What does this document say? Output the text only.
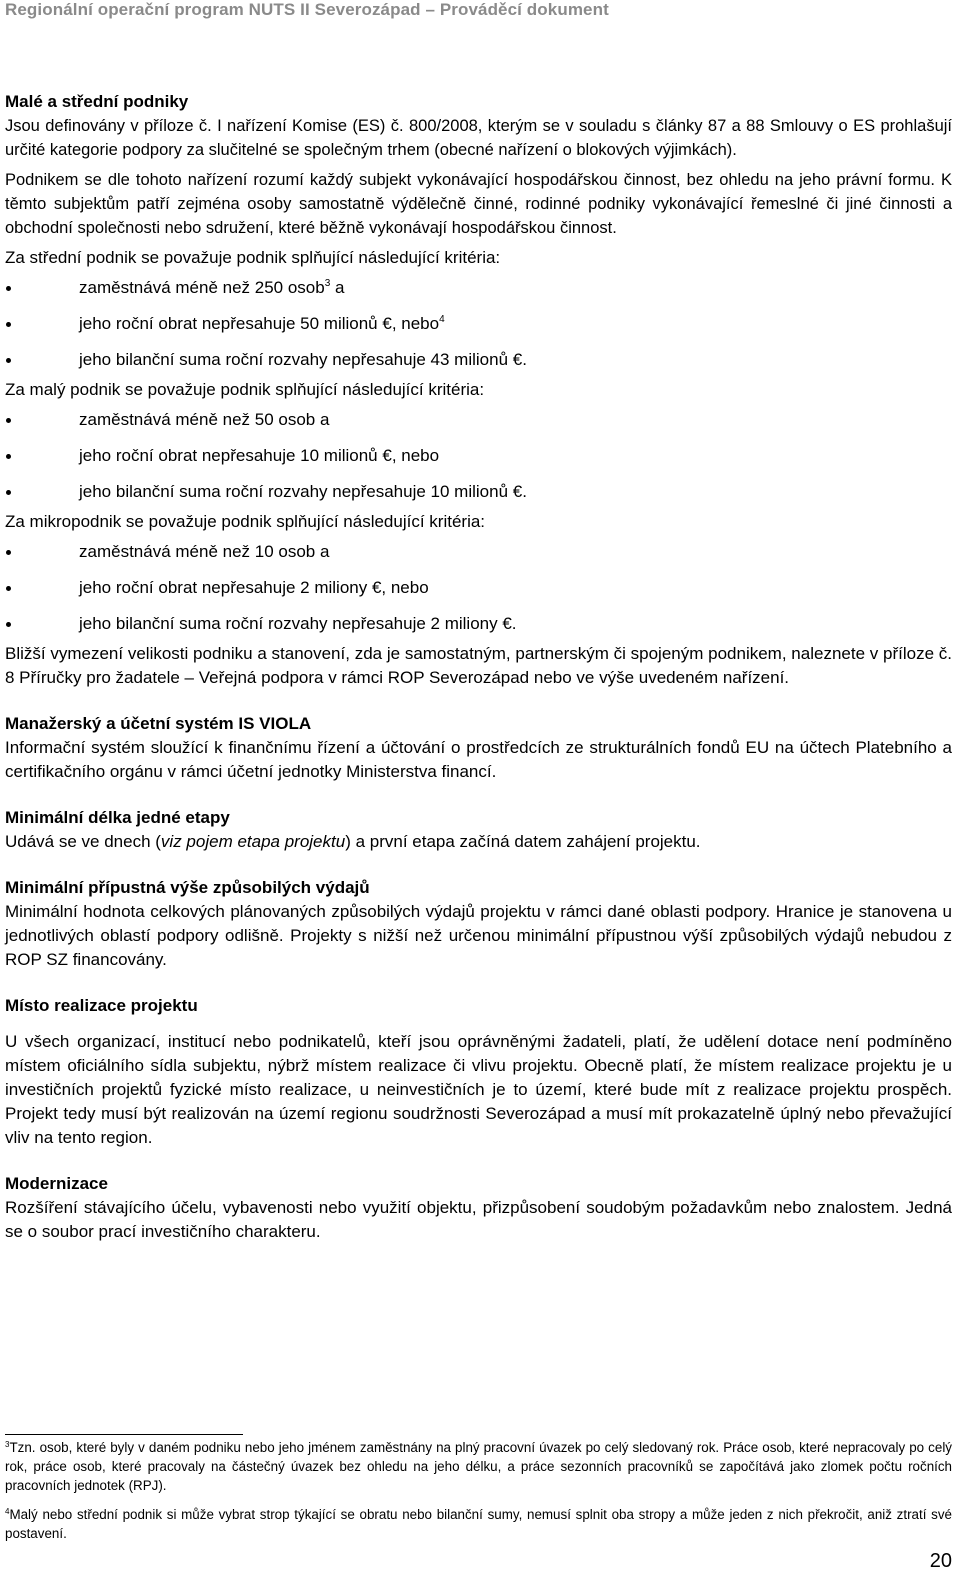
Regionální operační program NUTS II Severozápad – Prováděcí dokument

Malé a střední podniky

Jsou definovány v příloze č. I nařízení Komise (ES) č. 800/2008, kterým se v souladu s články 87 a 88 Smlouvy o ES prohlašují určité kategorie podpory za slučitelné se společným trhem (obecné nařízení o blokových výjimkách).

Podnikem se dle tohoto nařízení rozumí každý subjekt vykonávající hospodářskou činnost, bez ohledu na jeho právní formu. K těmto subjektům patří zejména osoby samostatně výdělečně činné, rodinné podniky vykonávající řemeslné či jiné činnosti a obchodní společnosti nebo sdružení, které běžně vykonávají hospodářskou činnost.

Za střední podnik se považuje podnik splňující následující kritéria:

zaměstnává méně než 250 osob$^3$ a
jeho roční obrat nepřesahuje 50 milionů €, nebo$^4$
jeho bilanční suma roční rozvahy nepřesahuje 43 milionů €.

Za malý podnik se považuje podnik splňující následující kritéria:

zaměstnává méně než 50 osob a
jeho roční obrat nepřesahuje 10 milionů €, nebo
jeho bilanční suma roční rozvahy nepřesahuje 10 milionů €.

Za mikropodnik se považuje podnik splňující následující kritéria:

zaměstnává méně než 10 osob a
jeho roční obrat nepřesahuje 2 miliony €, nebo
jeho bilanční suma roční rozvahy nepřesahuje 2 miliony €.

Bližší vymezení velikosti podniku a stanovení, zda je samostatným, partnerským či spojeným podnikem, naleznete v příloze č. 8 Příručky pro žadatele – Veřejná podpora v rámci ROP Severozápad nebo ve výše uvedeném nařízení.

Manažerský a účetní systém IS VIOLA

Informační systém sloužící k finančnímu řízení a účtování o prostředcích ze strukturálních fondů EU na účtech Platebního a certifikačního orgánu v rámci účetní jednotky Ministerstva financí.

Minimální délka jedné etapy

Udává se ve dnech (viz pojem etapa projektu) a první etapa začíná datem zahájení projektu.

Minimální přípustná výše způsobilých výdajů

Minimální hodnota celkových plánovaných způsobilých výdajů projektu v rámci dané oblasti podpory. Hranice je stanovena u jednotlivých oblastí podpory odlišně. Projekty s nižší než určenou minimální přípustnou výší způsobilých výdajů nebudou z ROP SZ financovány.

Místo realizace projektu

U všech organizací, institucí nebo podnikatelů, kteří jsou oprávněnými žadateli, platí, že udělení dotace není podmíněno místem oficiálního sídla subjektu, nýbrž místem realizace či vlivu projektu. Obecně platí, že místem realizace projektu je u investičních projektů fyzické místo realizace, u neinvestičních je to území, které bude mít z realizace projektu prospěch. Projekt tedy musí být realizován na území regionu soudržnosti Severozápad a musí mít prokazatelně úplný nebo převažující vliv na tento region.

Modernizace

Rozšíření stávajícího účelu, vybavenosti nebo využití objektu, přizpůsobení soudobým požadavkům nebo znalostem. Jedná se o soubor prací investičního charakteru.

$^3$Tzn. osob, které byly v daném podniku nebo jeho jménem zaměstnány na plný pracovní úvazek po celý sledovaný rok. Práce osob, které nepracovaly po celý rok, práce osob, které pracovaly na částečný úvazek bez ohledu na jeho délku, a práce sezonních pracovníků se započítává jako zlomek počtu ročních pracovních jednotek (RPJ).

$^4$Malý nebo střední podnik si může vybrat strop týkající se obratu nebo bilanční sumy, nemusí splnit oba stropy a může jeden z nich překročit, aniž ztratí své postavení.

20
